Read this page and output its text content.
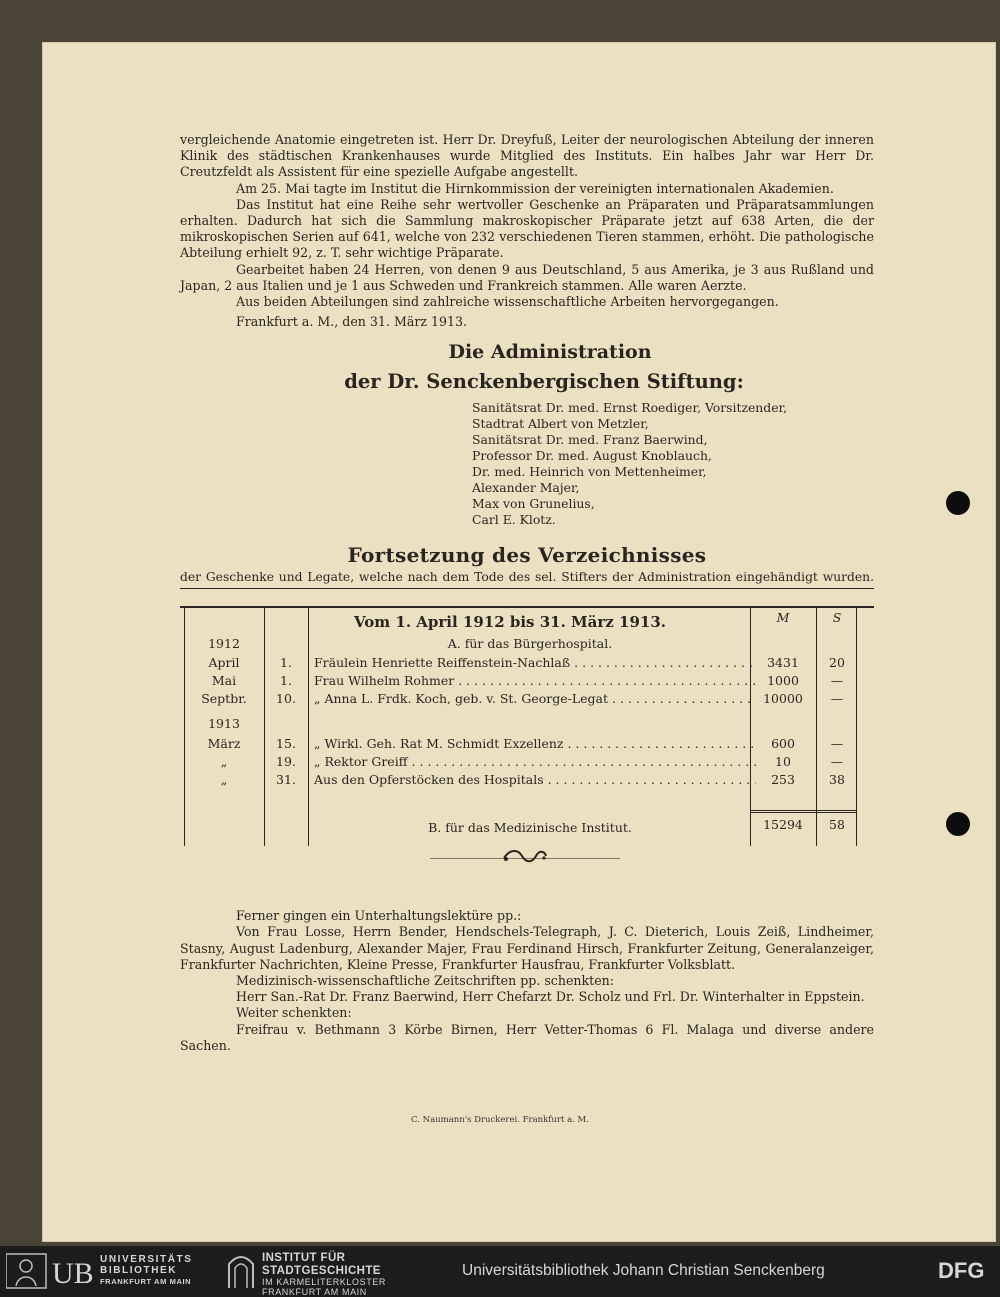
vergleichende Anatomie eingetreten ist. Herr Dr. Dreyfuß, Leiter der neurologischen Abteilung der inneren Klinik des städtischen Krankenhauses wurde Mitglied des Instituts. Ein halbes Jahr war Herr Dr. Creutzfeldt als Assistent für eine spezielle Aufgabe angestellt.

Am 25. Mai tagte im Institut die Hirnkommission der vereinigten internationalen Akademien.

Das Institut hat eine Reihe sehr wertvoller Geschenke an Präparaten und Präparatsammlungen erhalten. Dadurch hat sich die Sammlung makroskopischer Präparate jetzt auf 638 Arten, die der mikroskopischen Serien auf 641, welche von 232 verschiedenen Tieren stammen, erhöht. Die pathologische Abteilung erhielt 92, z. T. sehr wichtige Präparate.

Gearbeitet haben 24 Herren, von denen 9 aus Deutschland, 5 aus Amerika, je 3 aus Rußland und Japan, 2 aus Italien und je 1 aus Schweden und Frankreich stammen. Alle waren Aerzte.

Aus beiden Abteilungen sind zahlreiche wissenschaftliche Arbeiten hervorgegangen.

Frankfurt a. M., den 31. März 1913.

Die Administration
der Dr. Senckenbergischen Stiftung:
Sanitätsrat Dr. med. Ernst Roediger, Vorsitzender,
Stadtrat Albert von Metzler,
Sanitätsrat Dr. med. Franz Baerwind,
Professor Dr. med. August Knoblauch,
Dr. med. Heinrich von Mettenheimer,
Alexander Majer,
Max von Grunelius,
Carl E. Klotz.
Fortsetzung des Verzeichnisses
der Geschenke und Legate, welche nach dem Tode des sel. Stifters der Administration eingehändigt wurden.
Vom 1. April 1912 bis 31. März 1913.	M	S
1912	A. für das Bürgerhospital.
April	1.	Fräulein Henriette Reiffenstein-Nachlaß . . .	3431	20
Mai	1.	Frau Wilhelm Rohmer . . .	1000	—
Septbr.	10.	„ Anna L. Frdk. Koch, geb. v. St. George-Legat . . .	10000	—
1913
März	15.	„ Wirkl. Geh. Rat M. Schmidt Exzellenz . . .	600	—
„	19.	„ Rektor Greiff . . .	10	—
„	31.	Aus den Opferstöcken des Hospitals . . .	253	38
B. für das Medizinische Institut.	15294	58

Ferner gingen ein Unterhaltungslektüre pp.:

Von Frau Losse, Herrn Bender, Hendschels-Telegraph, J. C. Dieterich, Louis Zeiß, Lindheimer, Stasny, August Ladenburg, Alexander Majer, Frau Ferdinand Hirsch, Frankfurter Zeitung, Generalanzeiger, Frankfurter Nachrichten, Kleine Presse, Frankfurter Hausfrau, Frankfurter Volksblatt.

Medizinisch-wissenschaftliche Zeitschriften pp. schenkten:

Herr San.-Rat Dr. Franz Baerwind, Herr Chefarzt Dr. Scholz und Frl. Dr. Winterhalter in Eppstein.

Weiter schenkten:

Freifrau v. Bethmann 3 Körbe Birnen, Herr Vetter-Thomas 6 Fl. Malaga und diverse andere Sachen.

C. Naumann's Druckerei. Frankfurt a. M.
UB UNIVERSITÄTS
BIBLIOTHEK
FRANKFURT AM MAIN
INSTITUT FÜR
STADTGESCHICHTE
IM KARMELITERKLOSTER
FRANKFURT AM MAIN
Universitätsbibliothek Johann Christian Senckenberg	DFG
